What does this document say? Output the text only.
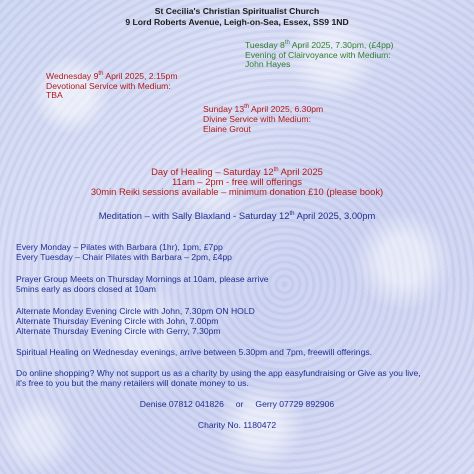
St Cecilia's Christian Spiritualist Church
9 Lord Roberts Avenue, Leigh-on-Sea, Essex, SS9 1ND
Tuesday 8th April 2025, 7.30pm, (£4pp)
Evening of Clairvoyance with Medium:
John Hayes
Wednesday 9th April 2025, 2.15pm
Devotional Service with Medium:
TBA
Sunday 13th April 2025, 6.30pm
Divine Service with Medium:
Elaine Grout
Day of Healing – Saturday 12th April 2025
11am – 2pm - free will offerings
30min Reiki sessions available – minimum donation £10 (please book)
Meditation – with Sally Blaxland - Saturday 12th April 2025, 3.00pm
Every Monday – Pilates with Barbara (1hr), 1pm, £7pp
Every Tuesday – Chair Pilates with Barbara – 2pm, £4pp
Prayer Group Meets on Thursday Mornings at 10am, please arrive
5mins early as doors closed at 10am
Alternate Monday Evening Circle with John, 7.30pm ON HOLD
Alternate Thursday Evening Circle with John, 7.00pm
Alternate Thursday Evening Circle with Gerry, 7.30pm
Spiritual Healing on Wednesday evenings, arrive between 5.30pm and 7pm, freewill offerings.
Do online shopping? Why not support us as a charity by using the app easyfundraising or Give as you live,
it's free to you but the many retailers will donate money to us.
Denise 07812 041826     or     Gerry 07729 892906
Charity No. 1180472
